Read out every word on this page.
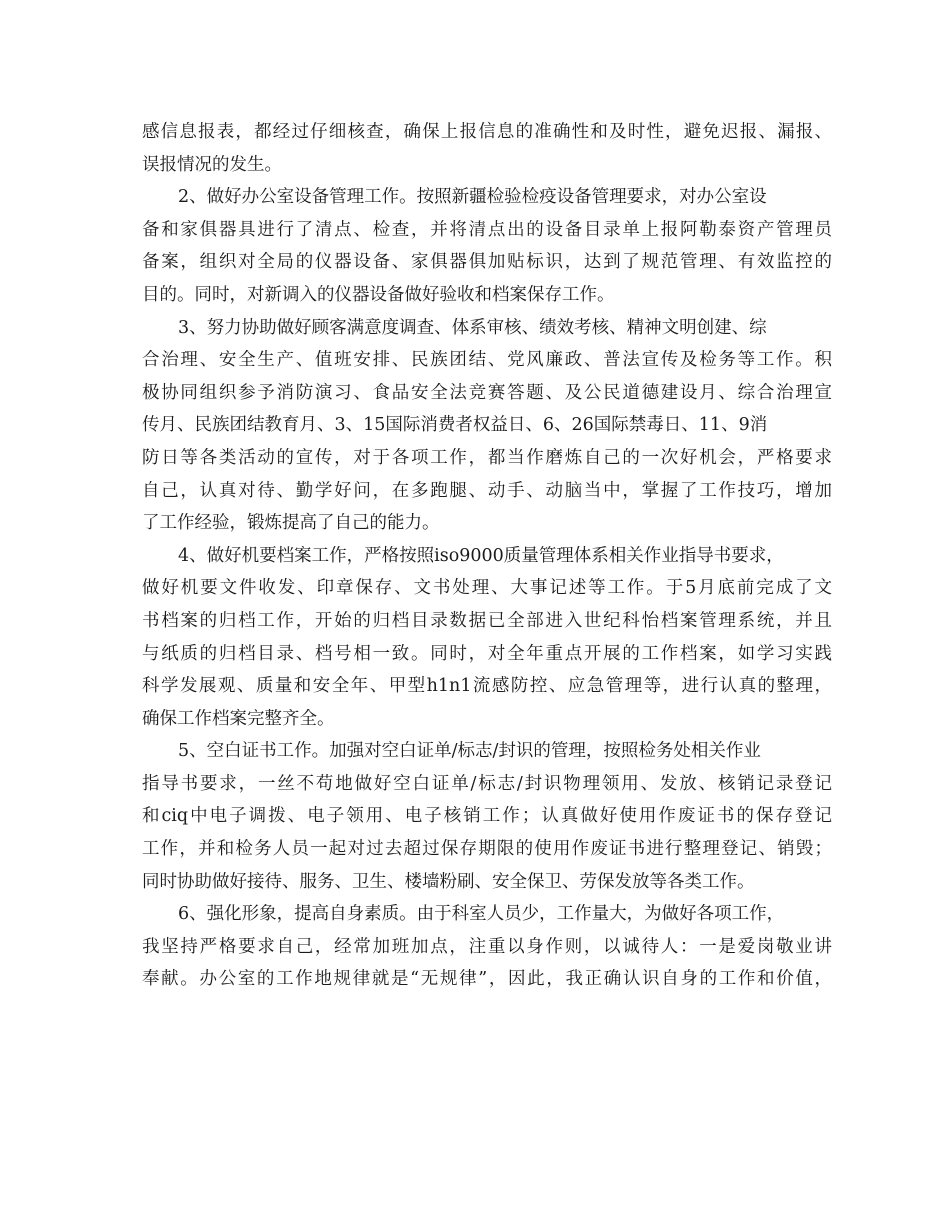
感信息报表，都经过仔细核查，确保上报信息的准确性和及时性，避免迟报、漏报、
误报情况的发生。
2、做好办公室设备管理工作。按照新疆检验检疫设备管理要求，对办公室设
备和家俱器具进行了清点、检查，并将清点出的设备目录单上报阿勒泰资产管理员
备案，组织对全局的仪器设备、家俱器俱加贴标识，达到了规范管理、有效监控的
目的。同时，对新调入的仪器设备做好验收和档案保存工作。
3、努力协助做好顾客满意度调查、体系审核、绩效考核、精神文明创建、综
合治理、安全生产、值班安排、民族团结、党风廉政、普法宣传及检务等工作。积
极协同组织参予消防演习、食品安全法竞赛答题、及公民道德建设月、综合治理宣
传月、民族团结教育月、3、15国际消费者权益日、6、26国际禁毒日、11、9消
防日等各类活动的宣传，对于各项工作，都当作磨炼自己的一次好机会，严格要求
自己，认真对待、勤学好问，在多跑腿、动手、动脑当中，掌握了工作技巧，增加
了工作经验，锻炼提高了自己的能力。
4、做好机要档案工作，严格按照iso9000质量管理体系相关作业指导书要求，
做好机要文件收发、印章保存、文书处理、大事记述等工作。于5月底前完成了文
书档案的归档工作，开始的归档目录数据已全部进入世纪科怡档案管理系统，并且
与纸质的归档目录、档号相一致。同时，对全年重点开展的工作档案，如学习实践
科学发展观、质量和安全年、甲型h1n1流感防控、应急管理等，进行认真的整理，
确保工作档案完整齐全。
5、空白证书工作。加强对空白证单/标志/封识的管理，按照检务处相关作业
指导书要求，一丝不苟地做好空白证单/标志/封识物理领用、发放、核销记录登记
和ciq中电子调拨、电子领用、电子核销工作；认真做好使用作废证书的保存登记
工作，并和检务人员一起对过去超过保存期限的使用作废证书进行整理登记、销毁；
同时协助做好接待、服务、卫生、楼墙粉刷、安全保卫、劳保发放等各类工作。
6、强化形象，提高自身素质。由于科室人员少，工作量大，为做好各项工作，
我坚持严格要求自己，经常加班加点，注重以身作则，以诚待人：一是爱岗敬业讲
奉献。办公室的工作地规律就是“无规律”，因此，我正确认识自身的工作和价值，
